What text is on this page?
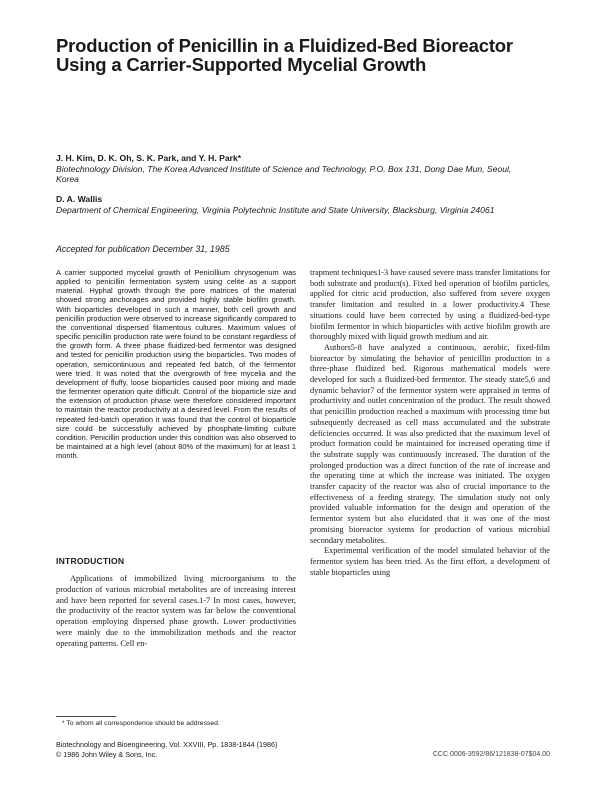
Production of Penicillin in a Fluidized-Bed Bioreactor Using a Carrier-Supported Mycelial Growth
J. H. Kim, D. K. Oh, S. K. Park, and Y. H. Park*
Biotechnology Division, The Korea Advanced Institute of Science and Technology, P.O. Box 131, Dong Dae Mun, Seoul, Korea
D. A. Wallis
Department of Chemical Engineering, Virginia Polytechnic Institute and State University, Blacksburg, Virginia 24061
Accepted for publication December 31, 1985

A carrier supported mycelial growth of Penicillium chrysogenum was applied to penicillin fermentation system using celite as a support material. Hyphal growth through the pore matrices of the material showed strong anchorages and provided highly stable biofilm growth. With bioparticles developed in such a manner, both cell growth and penicillin production were observed to increase significantly compared to the conventional dispersed filamentous cultures. Maximum values of specific penicillin production rate were found to be constant regardless of the growth form. A three phase fluidized-bed fermentor was designed and tested for penicillin production using the bioparticles. Two modes of operation, semicontinuous and repeated fed batch, of the fermentor were tried. It was noted that the overgrowth of free mycelia and the development of fluffy, loose bioparticles caused poor mixing and made the fermenter operation quite difficult. Control of the bioparticle size and the extension of production phase were therefore considered important to maintain the reactor productivity at a desired level. From the results of repeated fed-batch operation it was found that the control of bioparticle size could be successfully achieved by phosphate-limiting culture condition. Penicillin production under this condition was also observed to be maintained at a high level (about 80% of the maximum) for at least 1 month.

INTRODUCTION

Applications of immobilized living microorganisms to the production of various microbial metabolites are of increasing interest and have been reported for several cases.1-7 In most cases, however, the productivity of the reactor system was far below the conventional operation employing dispersed phase growth. Lower productivities were mainly due to the immobilization methods and the reactor operating patterns. Cell en-

trapment techniques1-3 have caused severe mass transfer limitations for both substrate and product(s). Fixed bed operation of biofilm particles, applied for citric acid production, also suffered from severe oxygen transfer limitation and resulted in a lower productivity.4 These situations could have been corrected by using a fluidized-bed-type biofilm fermentor in which bioparticles with active biofilm growth are thoroughly mixed with liquid growth medium and air.

Authors5-8 have analyzed a continuous, aerobic, fixed-film bioreactor by simulating the behavior of penicillin production in a three-phase fluidized bed. Rigorous mathematical models were developed for such a fluidized-bed fermentor. The steady state5,6 and dynamic behavior7 of the fermentor system were appraised in terms of productivity and outlet concentration of the product. The result showed that penicillin production reached a maximum with processing time but subsequently decreased as cell mass accumulated and the substrate deficiencies occurred. It was also predicted that the maximum level of product formation could be maintained for increased operating time if the substrate supply was continuously increased. The duration of the prolonged production was a direct function of the rate of increase and the operating time at which the increase was initiated. The oxygen transfer capacity of the reactor was also of crucial importance to the effectiveness of a feeding strategy. The simulation study not only provided valuable information for the design and operation of the fermentor system but also elucidated that it was one of the most promising bioreactor systems for production of various microbial secondary metabolites.

Experimental verification of the model simulated behavior of the fermentor system has been tried. As the first effort, a development of stable bioparticles using

* To whom all correspondence should be addressed.
Biotechnology and Bioengineering, Vol. XXVIII, Pp. 1838-1844 (1986)
© 1986 John Wiley & Sons, Inc.	CCC 0006-3592/86/121838-07$04.00
